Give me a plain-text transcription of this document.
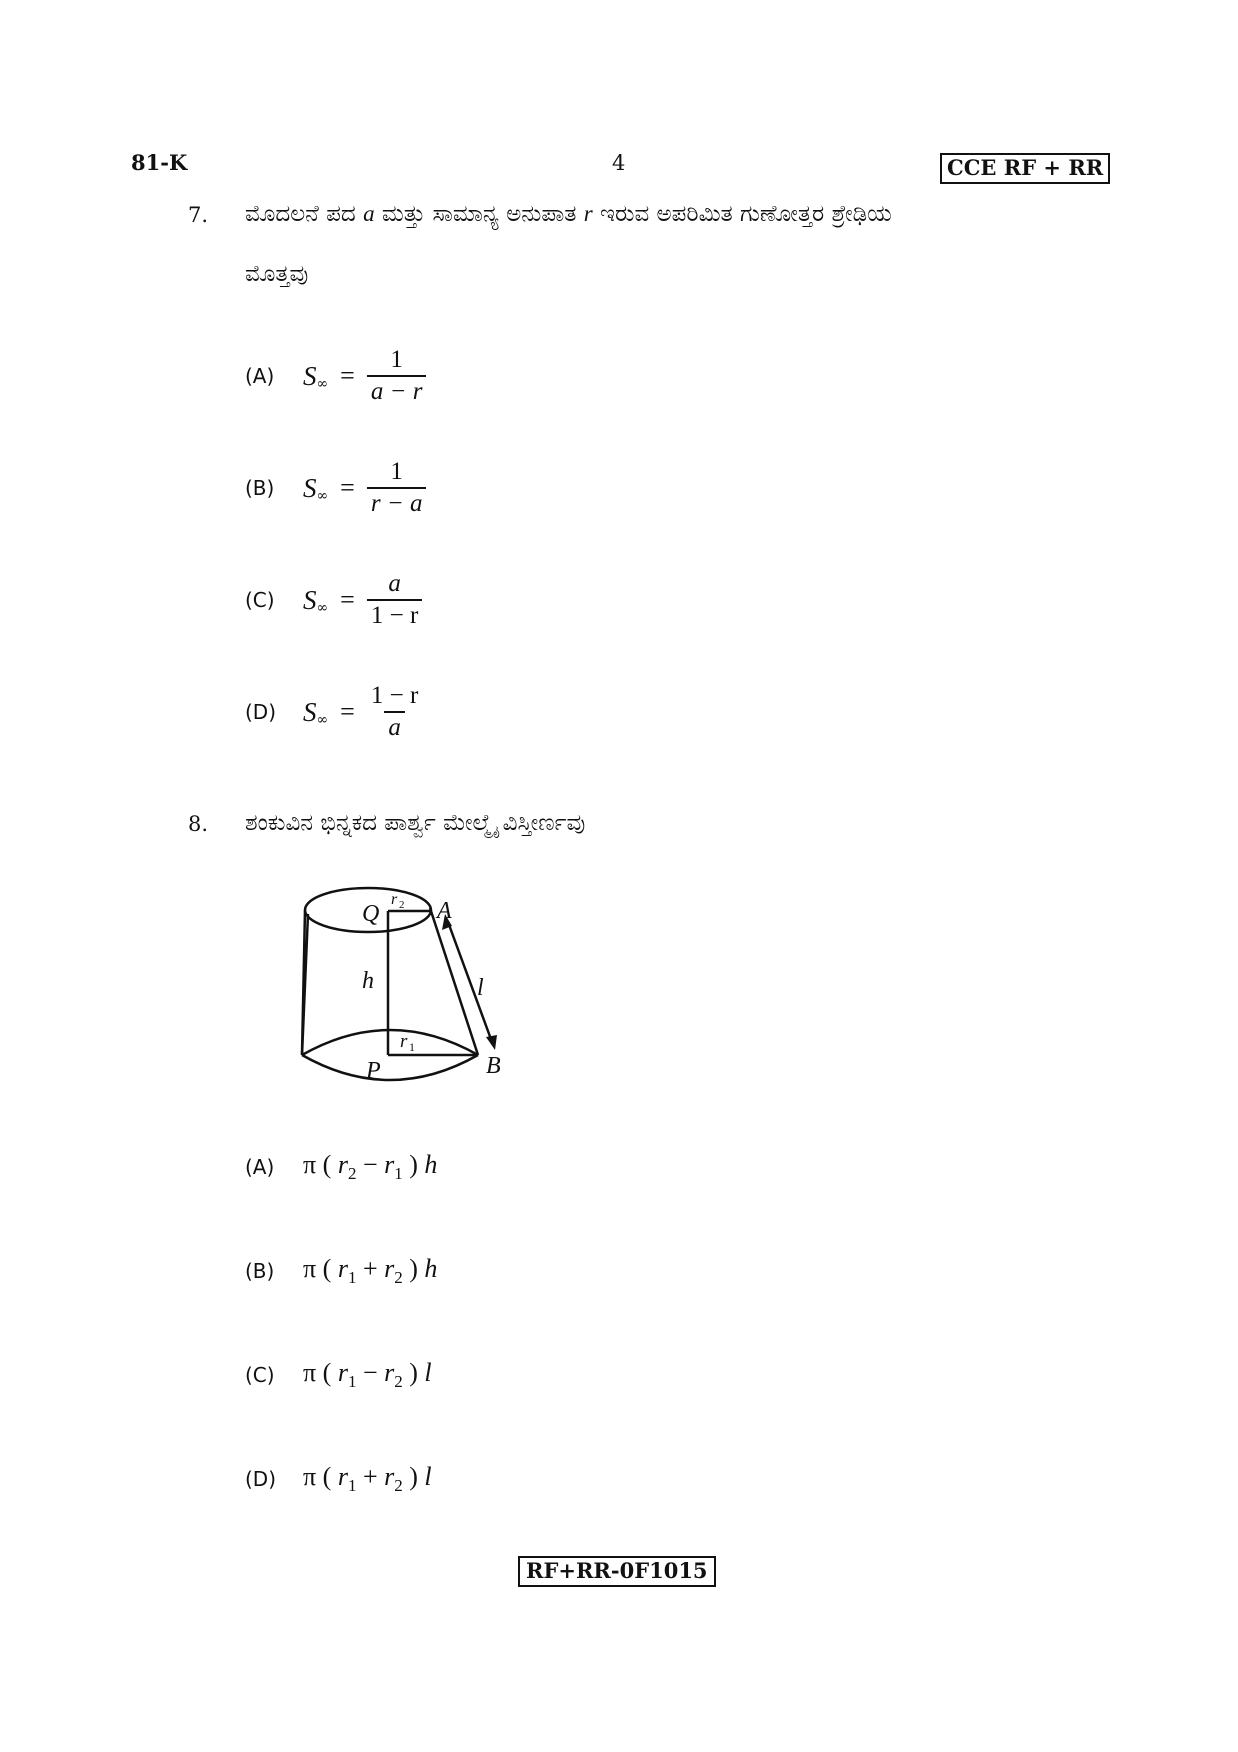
81-K	4	CCE RF + RR
7. ಮೊದಲನೆ ಪದ a ಮತ್ತು ಸಾಮಾನ್ಯ ಅನುಪಾತ r ಇರುವ ಅಪರಿಮಿತ ಗುಣೋತ್ತರ ಶ್ರೇಢಿಯ
ಮೊತ್ತವು
(A)	S ∞ = $\frac{1}{a - r}$
(B)	S ∞ = $\frac{1}{r - a}$
(C)	S ∞ = $\frac{a}{1 - r}$
(D) S ∞ = $\frac{1 - r}{a}$
8. ಶಂಕುವಿನ ಭಿನ್ನಕದ ಪಾರ್ಶ್ವ ಮೇಲ್ಮೈ ವಿಸ್ತೀರ್ಣವು
Q
r 2 A
h	l
r 1
P	B
(A)	π ( $r_2 - r_1$ ) h
(B)	π ( $r_1 + r_2$ ) h
(C)	π ( $r_1 - r_2$ ) l
(D)	π ( $r_1 + r_2$ ) l
RF+RR-0F1015
